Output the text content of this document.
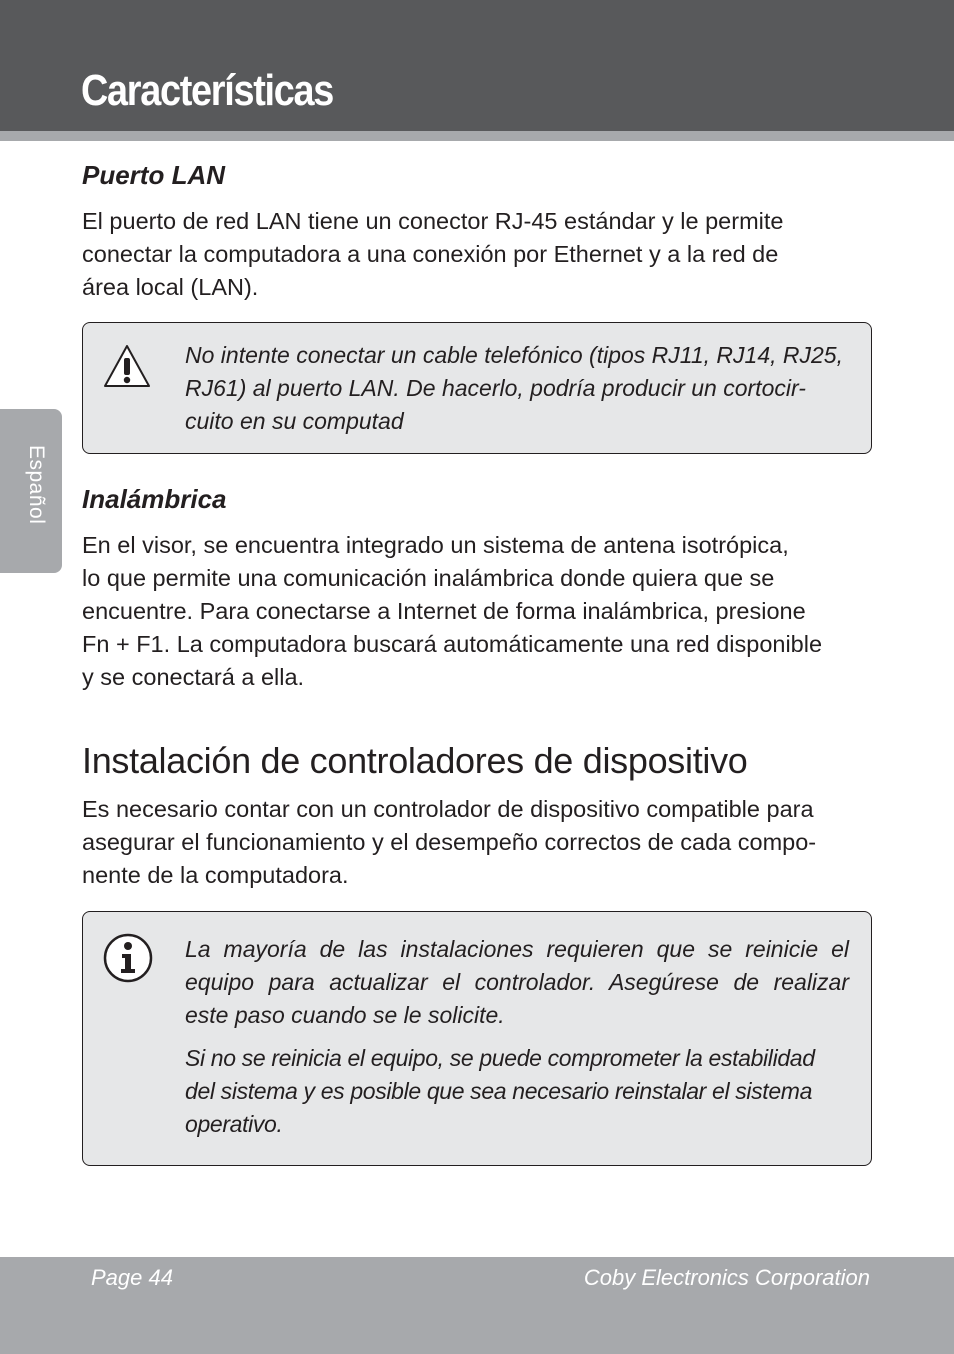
Características
Español
Puerto LAN

El puerto de red LAN tiene un conector RJ-45 estándar y le permite
conectar la computadora a una conexión por Ethernet y a la red de
área local (LAN).

Inalámbrica

En el visor, se encuentra integrado un sistema de antena isotrópica,
lo que permite una comunicación inalámbrica donde quiera que se
encuentre. Para conectarse a Internet de forma inalámbrica, presione
Fn + F1. La computadora buscará automáticamente una red disponible
y se conectará a ella.

Instalación de controladores de dispositivo

Es necesario contar con un controlador de dispositivo compatible para
asegurar el funcionamiento y el desempeño correctos de cada compo-
nente de la computadora.

No intente conectar un cable telefónico (tipos RJ11, RJ14, RJ25,
RJ61) al puerto LAN. De hacerlo, podría producir un cortocir-
cuito en su computad
La mayoría de las instalaciones requieren que se reinicie el
equipo para actualizar el controlador. Asegúrese de realizar
este paso cuando se le solicite.
Si no se reinicia el equipo, se puede comprometer la estabilidad
del sistema y es posible que sea necesario reinstalar el sistema
operativo.
Page 44	Coby Electronics Corporation
